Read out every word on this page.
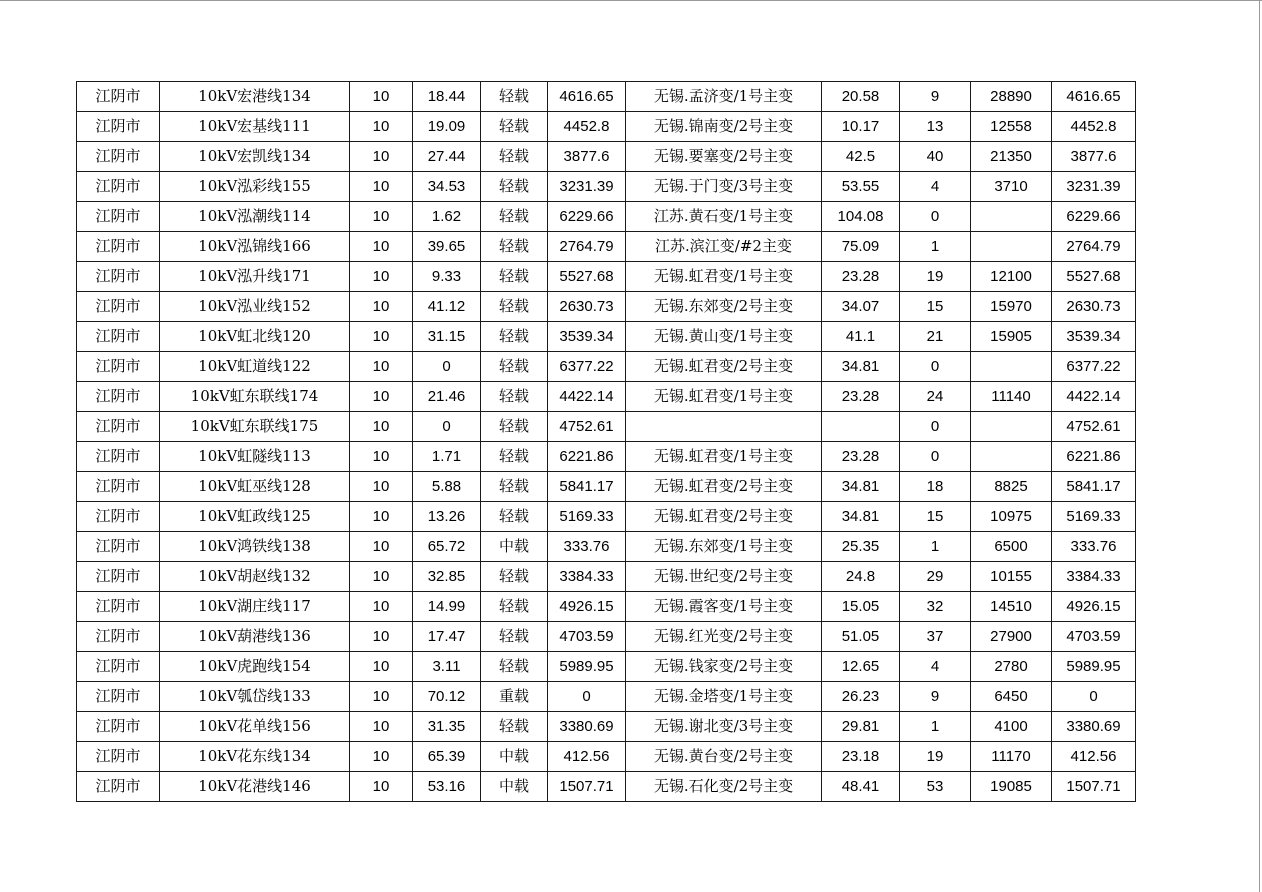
江阴市	10kV宏港线134	10	18.44	轻载	4616.65	无锡.孟济变/1号主变	20.58	9	28890	4616.65
江阴市	10kV宏基线111	10	19.09	轻载	4452.8	无锡.锦南变/2号主变	10.17	13	12558	4452.8
江阴市	10kV宏凯线134	10	27.44	轻载	3877.6	无锡.要塞变/2号主变	42.5	40	21350	3877.6
江阴市	10kV泓彩线155	10	34.53	轻载	3231.39	无锡.于门变/3号主变	53.55	4	3710	3231.39
江阴市	10kV泓潮线114	10	1.62	轻载	6229.66	江苏.黄石变/1号主变	104.08	0		6229.66
江阴市	10kV泓锦线166	10	39.65	轻载	2764.79	江苏.滨江变/#2主变	75.09	1		2764.79
江阴市	10kV泓升线171	10	9.33	轻载	5527.68	无锡.虹君变/1号主变	23.28	19	12100	5527.68
江阴市	10kV泓业线152	10	41.12	轻载	2630.73	无锡.东郊变/2号主变	34.07	15	15970	2630.73
江阴市	10kV虹北线120	10	31.15	轻载	3539.34	无锡.黄山变/1号主变	41.1	21	15905	3539.34
江阴市	10kV虹道线122	10	0	轻载	6377.22	无锡.虹君变/2号主变	34.81	0		6377.22
江阴市	10kV虹东联线174	10	21.46	轻载	4422.14	无锡.虹君变/1号主变	23.28	24	11140	4422.14
江阴市	10kV虹东联线175	10	0	轻载	4752.61			0		4752.61
江阴市	10kV虹隧线113	10	1.71	轻载	6221.86	无锡.虹君变/1号主变	23.28	0		6221.86
江阴市	10kV虹巫线128	10	5.88	轻载	5841.17	无锡.虹君变/2号主变	34.81	18	8825	5841.17
江阴市	10kV虹政线125	10	13.26	轻载	5169.33	无锡.虹君变/2号主变	34.81	15	10975	5169.33
江阴市	10kV鸿铁线138	10	65.72	中载	333.76	无锡.东郊变/1号主变	25.35	1	6500	333.76
江阴市	10kV胡赵线132	10	32.85	轻载	3384.33	无锡.世纪变/2号主变	24.8	29	10155	3384.33
江阴市	10kV湖庄线117	10	14.99	轻载	4926.15	无锡.霞客变/1号主变	15.05	32	14510	4926.15
江阴市	10kV葫港线136	10	17.47	轻载	4703.59	无锡.红光变/2号主变	51.05	37	27900	4703.59
江阴市	10kV虎跑线154	10	3.11	轻载	5989.95	无锡.钱家变/2号主变	12.65	4	2780	5989.95
江阴市	10kV瓠岱线133	10	70.12	重载	0	无锡.金塔变/1号主变	26.23	9	6450	0
江阴市	10kV花单线156	10	31.35	轻载	3380.69	无锡.谢北变/3号主变	29.81	1	4100	3380.69
江阴市	10kV花东线134	10	65.39	中载	412.56	无锡.黄台变/2号主变	23.18	19	11170	412.56
江阴市	10kV花港线146	10	53.16	中载	1507.71	无锡.石化变/2号主变	48.41	53	19085	1507.71
